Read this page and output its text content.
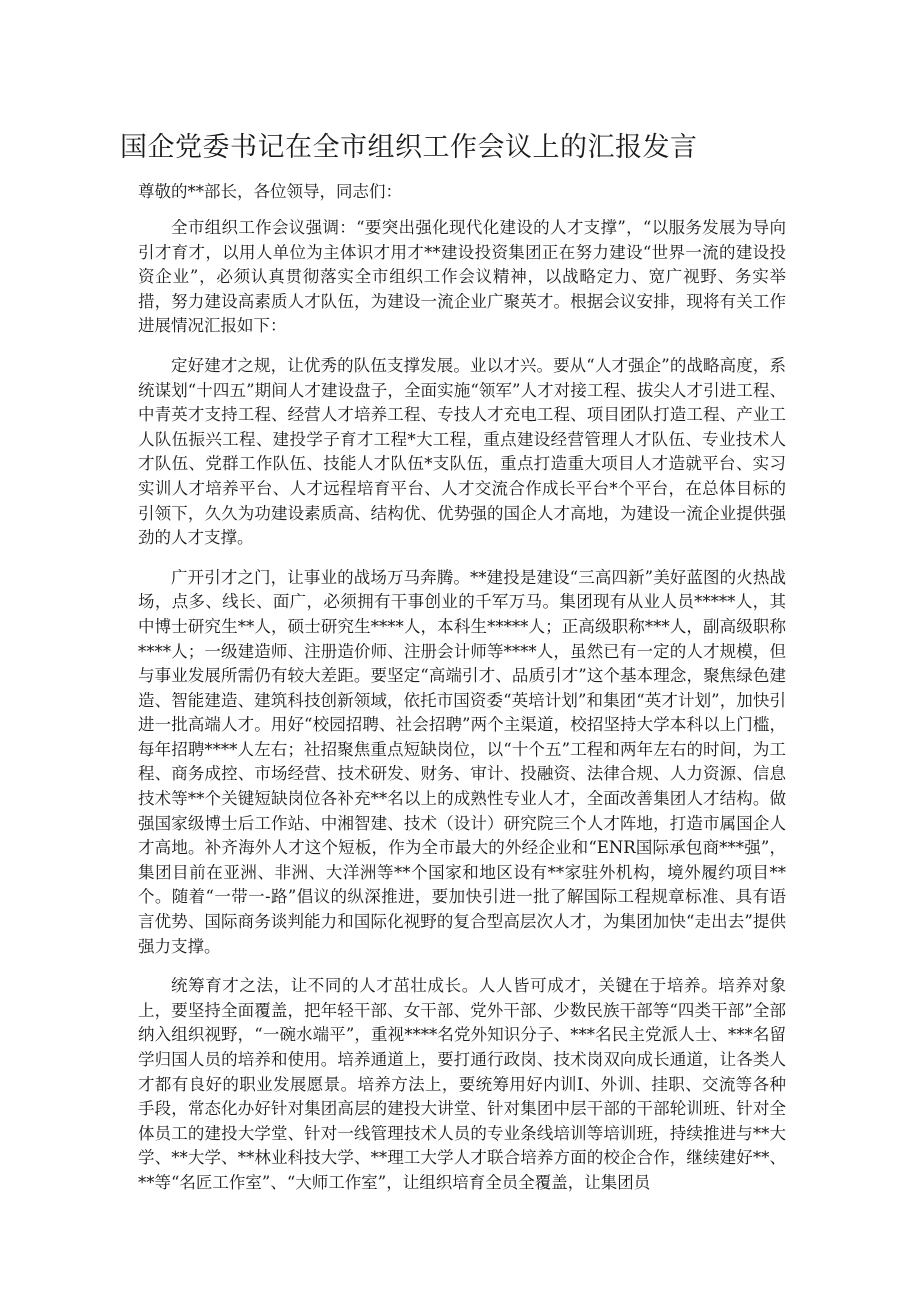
国企党委书记在全市组织工作会议上的汇报发言

尊敬的**部长，各位领导，同志们：

全市组织工作会议强调：“要突出强化现代化建设的人才支撑”，“以服务发展为导向引才育才，以用人单位为主体识才用才**建设投资集团正在努力建设“世界一流的建设投资企业”，必须认真贯彻落实全市组织工作会议精神，以战略定力、宽广视野、务实举措，努力建设高素质人才队伍，为建设一流企业广聚英才。根据会议安排，现将有关工作进展情况汇报如下：

定好建才之规，让优秀的队伍支撑发展。业以才兴。要从“人才强企”的战略高度，系统谋划“十四五”期间人才建设盘子，全面实施“领军”人才对接工程、拔尖人才引进工程、中青英才支持工程、经营人才培养工程、专技人才充电工程、项目团队打造工程、产业工人队伍振兴工程、建投学子育才工程*大工程，重点建设经营管理人才队伍、专业技术人才队伍、党群工作队伍、技能人才队伍*支队伍，重点打造重大项目人才造就平台、实习实训人才培养平台、人才远程培育平台、人才交流合作成长平台*个平台，在总体目标的引领下，久久为功建设素质高、结构优、优势强的国企人才高地，为建设一流企业提供强劲的人才支撑。

广开引才之门，让事业的战场万马奔腾。**建投是建设“三高四新”美好蓝图的火热战场，点多、线长、面广，必须拥有干事创业的千军万马。集团现有从业人员*****人，其中博士研究生**人，硕士研究生****人，本科生*****人；正高级职称***人，副高级职称****人；一级建造师、注册造价师、注册会计师等****人，虽然已有一定的人才规模，但与事业发展所需仍有较大差距。要坚定“高端引才、品质引才”这个基本理念，聚焦绿色建造、智能建造、建筑科技创新领域，依托市国资委“英培计划”和集团“英才计划”，加快引进一批高端人才。用好“校园招聘、社会招聘”两个主渠道，校招坚持大学本科以上门槛，每年招聘****人左右；社招聚焦重点短缺岗位，以“十个五”工程和两年左右的时间，为工程、商务成控、市场经营、技术研发、财务、审计、投融资、法律合规、人力资源、信息技术等**个关键短缺岗位各补充**名以上的成熟性专业人才，全面改善集团人才结构。做强国家级博士后工作站、中湘智建、技术（设计）研究院三个人才阵地，打造市属国企人才高地。补齐海外人才这个短板，作为全市最大的外经企业和“ENR国际承包商***强”，集团目前在亚洲、非洲、大洋洲等**个国家和地区设有**家驻外机构，境外履约项目**个。随着“一带一-路”倡议的纵深推进，要加快引进一批了解国际工程规章标准、具有语言优势、国际商务谈判能力和国际化视野的复合型高层次人才，为集团加快“走出去”提供强力支撑。

统筹育才之法，让不同的人才茁壮成长。人人皆可成才，关键在于培养。培养对象上，要坚持全面覆盖，把年轻干部、女干部、党外干部、少数民族干部等“四类干部”全部纳入组织视野，“一碗水端平”，重视****名党外知识分子、***名民主党派人士、***名留学归国人员的培养和使用。培养通道上，要打通行政岗、技术岗双向成长通道，让各类人才都有良好的职业发展愿景。培养方法上，要统筹用好内训Ⅰ、外训、挂职、交流等各种手段，常态化办好针对集团高层的建投大讲堂、针对集团中层干部的干部轮训班、针对全体员工的建投大学堂、针对一线管理技术人员的专业条线培训等培训班，持续推进与**大学、**大学、**林业科技大学、**理工大学人才联合培养方面的校企合作，继续建好**、**等“名匠工作室”、“大师工作室”，让组织培育全员全覆盖，让集团员
